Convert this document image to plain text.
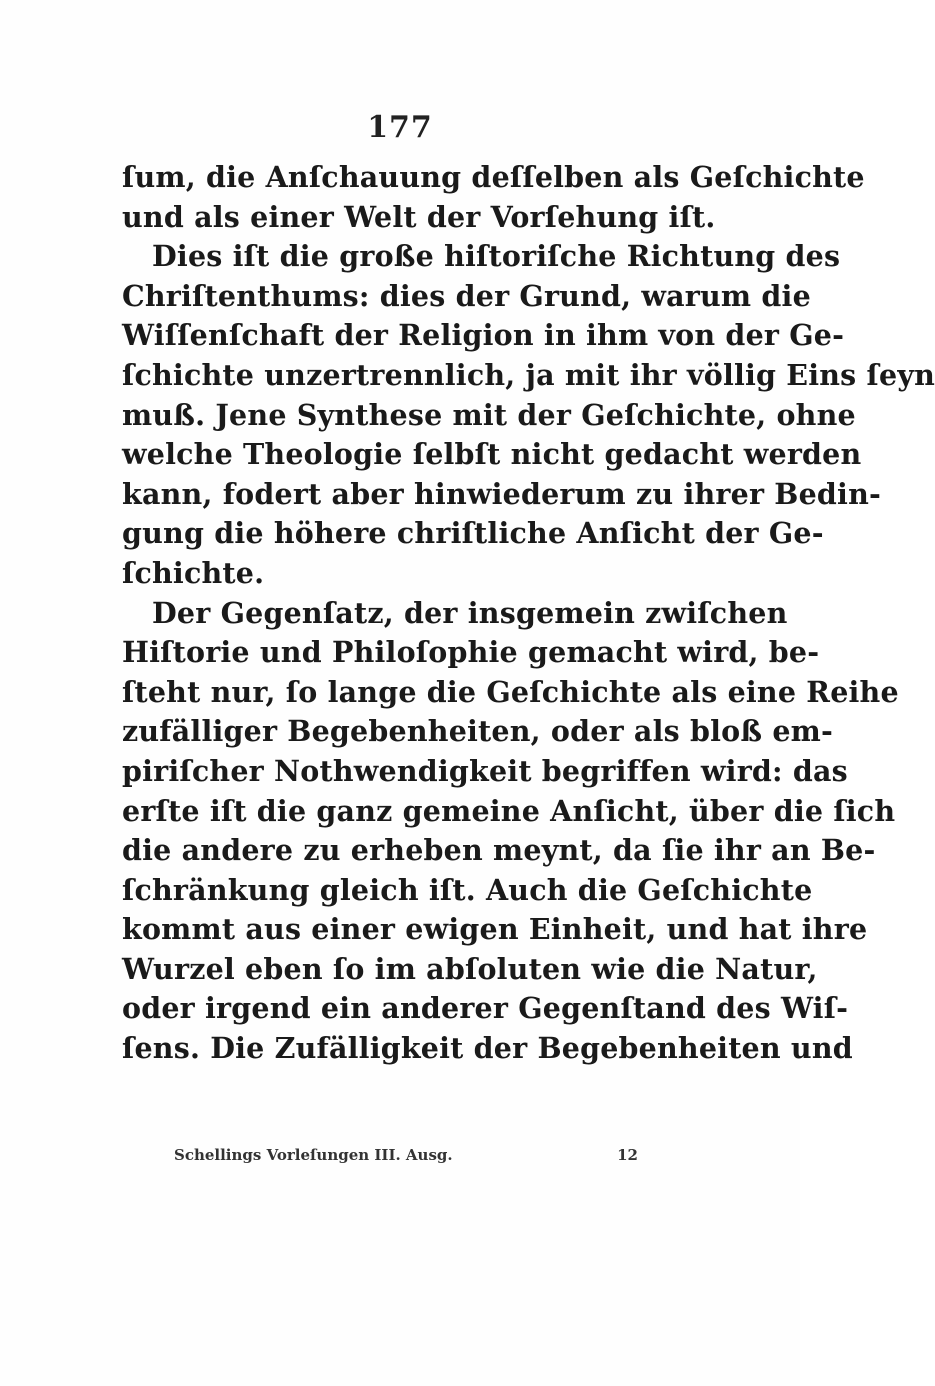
177
ſum, die Anſchauung deſſelben als Geſchichte
und als einer Welt der Vorſehung iſt.
Dies iſt die große hiſtoriſche Richtung des
Chriſtenthums: dies der Grund, warum die
Wiſſenſchaft der Religion in ihm von der Ge-
ſchichte unzertrennlich, ja mit ihr völlig Eins ſeyn
muß. Jene Synthese mit der Geſchichte, ohne
welche Theologie ſelbſt nicht gedacht werden
kann, fodert aber hinwiederum zu ihrer Bedin-
gung die höhere chriſtliche Anſicht der Ge-
ſchichte.
Der Gegenſatz, der insgemein zwiſchen
Hiſtorie und Philoſophie gemacht wird, be-
ſteht nur, ſo lange die Geſchichte als eine Reihe
zufälliger Begebenheiten, oder als bloß em-
piriſcher Nothwendigkeit begriffen wird: das
erſte iſt die ganz gemeine Anſicht, über die ſich
die andere zu erheben meynt, da ſie ihr an Be-
ſchränkung gleich iſt. Auch die Geſchichte
kommt aus einer ewigen Einheit, und hat ihre
Wurzel eben ſo im abſoluten wie die Natur,
oder irgend ein anderer Gegenſtand des Wiſ-
ſens. Die Zufälligkeit der Begebenheiten und
Schellings Vorleſungen III. Ausg.	12
